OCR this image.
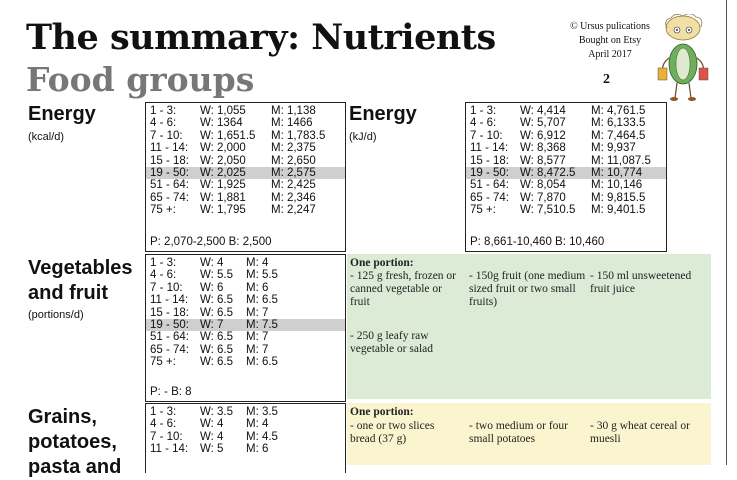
The summary: Nutrients
Food groups
© Ursus pulications
Bought on Etsy
April 2017
2
Energy
(kcal/d)
1 - 3: W: 1,055 M: 1,138
4 - 6: W: 1364 M: 1466
7 - 10: W: 1,651.5 M: 1,783.5
11 - 14: W: 2,000 M: 2,375
15 - 18: W: 2,050 M: 2,650
19 - 50: W: 2,025 M: 2,575
51 - 64: W: 1,925 M: 2,425
65 - 74: W: 1,881 M: 2,346
75 +: W: 1,795 M: 2,247
P: 2,070-2,500 B: 2,500
Energy
(kJ/d)
1 - 3: W: 4,414 M: 4,761.5
4 - 6: W: 5,707 M: 6,133.5
7 - 10: W: 6,912 M: 7,464.5
11 - 14: W: 8,368 M: 9,937
15 - 18: W: 8,577 M: 11,087.5
19 - 50: W: 8,472.5 M: 10,774
51 - 64: W: 8,054 M: 10,146
65 - 74: W: 7,870 M: 9,815.5
75 +: W: 7,510.5 M: 9,401.5
P: 8,661-10,460 B: 10,460
Vegetables
and fruit
(portions/d)
1 - 3: W: 4 M: 4
4 - 6: W: 5.5 M: 5.5
7 - 10: W: 6 M: 6
11 - 14: W: 6.5 M: 6.5
15 - 18: W: 6.5 M: 7
19 - 50: W: 7 M: 7.5
51 - 64: W: 6.5 M: 7
65 - 74: W: 6.5 M: 7
75 +: W: 6.5 M: 6.5
P: - B: 8
One portion:
- 125 g fresh, frozen or canned vegetable or fruit
- 250 g leafy raw vegetable or salad
- 150g fruit (one medium sized fruit or two small fruits)
- 150 ml unsweetened fruit juice
Grains,
potatoes,
pasta and
1 - 3: W: 3.5 M: 3.5
4 - 6: W: 4 M: 4
7 - 10: W: 4 M: 4.5
11 - 14: W: 5 M: 6
One portion:
- one or two slices bread (37 g)
- two medium or four small potatoes
- 30 g wheat cereal or muesli
